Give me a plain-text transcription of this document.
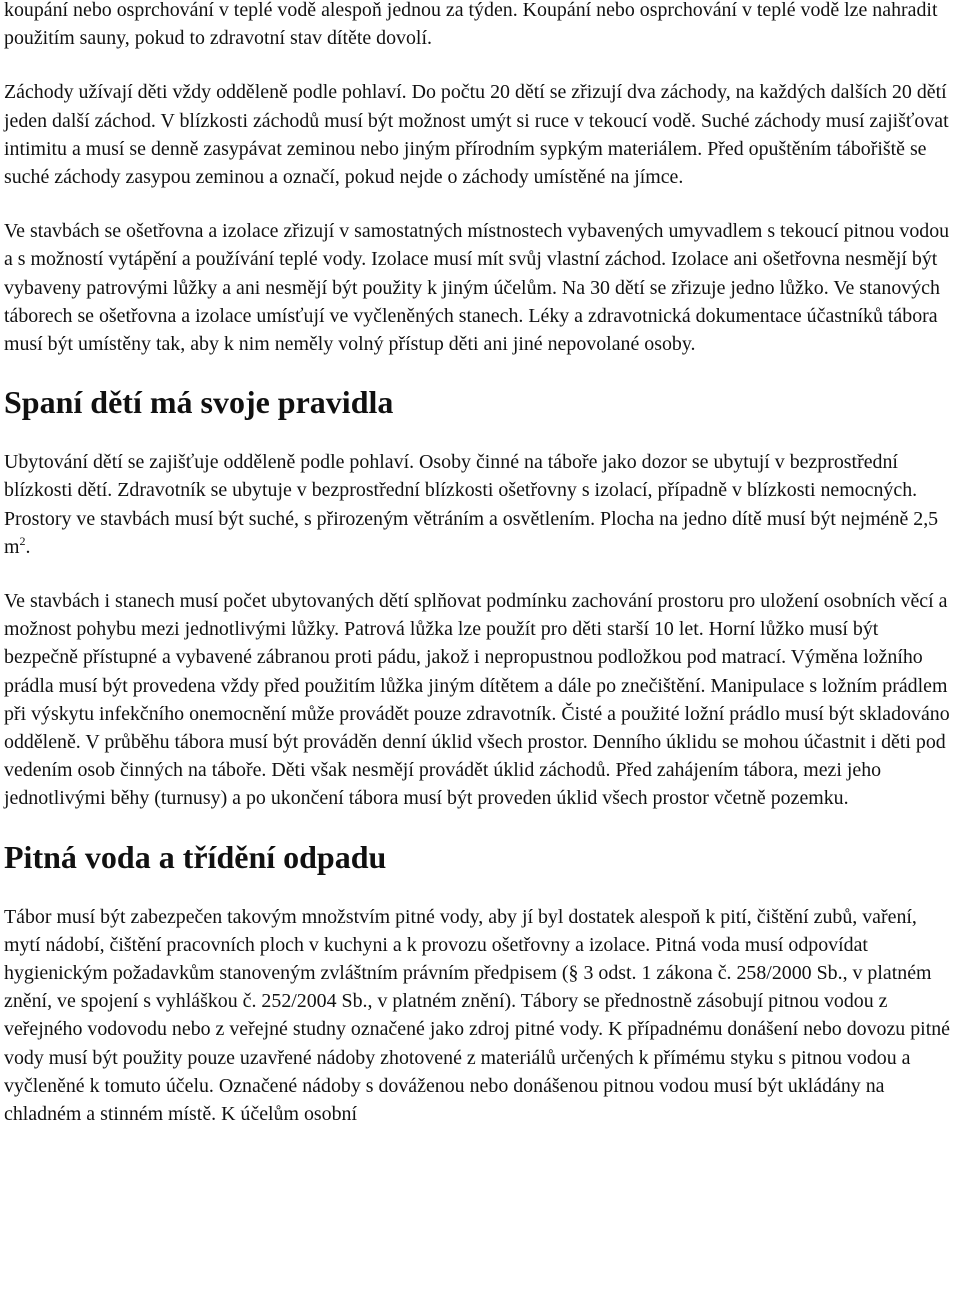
koupání nebo osprchování v teplé vodě alespoň jednou za týden. Koupání nebo osprchování v teplé vodě lze nahradit použitím sauny, pokud to zdravotní stav dítěte dovolí.

Záchody užívají děti vždy odděleně podle pohlaví. Do počtu 20 dětí se zřizují dva záchody, na každých dalších 20 dětí jeden další záchod. V blízkosti záchodů musí být možnost umýt si ruce v tekoucí vodě. Suché záchody musí zajišťovat intimitu a musí se denně zasypávat zeminou nebo jiným přírodním sypkým materiálem. Před opuštěním tábořiště se suché záchody zasypou zeminou a označí, pokud nejde o záchody umístěné na jímce.

Ve stavbách se ošetřovna a izolace zřizují v samostatných místnostech vybavených umyvadlem s tekoucí pitnou vodou a s možností vytápění a používání teplé vody. Izolace musí mít svůj vlastní záchod. Izolace ani ošetřovna nesmějí být vybaveny patrovými lůžky a ani nesmějí být použity k jiným účelům. Na 30 dětí se zřizuje jedno lůžko. Ve stanových táborech se ošetřovna a izolace umísťují ve vyčleněných stanech. Léky a zdravotnická dokumentace účastníků tábora musí být umístěny tak, aby k nim neměly volný přístup děti ani jiné nepovolané osoby.

Spaní dětí má svoje pravidla

Ubytování dětí se zajišťuje odděleně podle pohlaví. Osoby činné na táboře jako dozor se ubytují v bezprostřední blízkosti dětí. Zdravotník se ubytuje v bezprostřední blízkosti ošetřovny s izolací, případně v blízkosti nemocných. Prostory ve stavbách musí být suché, s přirozeným větráním a osvětlením. Plocha na jedno dítě musí být nejméně 2,5 $m^2$.

Ve stavbách i stanech musí počet ubytovaných dětí splňovat podmínku zachování prostoru pro uložení osobních věcí a možnost pohybu mezi jednotlivými lůžky. Patrová lůžka lze použít pro děti starší 10 let. Horní lůžko musí být bezpečně přístupné a vybavené zábranou proti pádu, jakož i nepropustnou podložkou pod matrací. Výměna ložního prádla musí být provedena vždy před použitím lůžka jiným dítětem a dále po znečištění. Manipulace s ložním prádlem při výskytu infekčního onemocnění může provádět pouze zdravotník. Čisté a použité ložní prádlo musí být skladováno odděleně. V průběhu tábora musí být prováděn denní úklid všech prostor. Denního úklidu se mohou účastnit i děti pod vedením osob činných na táboře. Děti však nesmějí provádět úklid záchodů. Před zahájením tábora, mezi jeho jednotlivými běhy (turnusy) a po ukončení tábora musí být proveden úklid všech prostor včetně pozemku.

Pitná voda a třídění odpadu

Tábor musí být zabezpečen takovým množstvím pitné vody, aby jí byl dostatek alespoň k pití, čištění zubů, vaření, mytí nádobí, čištění pracovních ploch v kuchyni a k provozu ošetřovny a izolace. Pitná voda musí odpovídat hygienickým požadavkům stanoveným zvláštním právním předpisem (§ 3 odst. 1 zákona č. 258/2000 Sb., v platném znění, ve spojení s vyhláškou č. 252/2004 Sb., v platném znění). Tábory se přednostně zásobují pitnou vodou z veřejného vodovodu nebo z veřejné studny označené jako zdroj pitné vody. K případnému donášení nebo dovozu pitné vody musí být použity pouze uzavřené nádoby zhotovené z materiálů určených k přímému styku s pitnou vodou a vyčleněné k tomuto účelu. Označené nádoby s dováženou nebo donášenou pitnou vodou musí být ukládány na chladném a stinném místě. K účelům osobní
